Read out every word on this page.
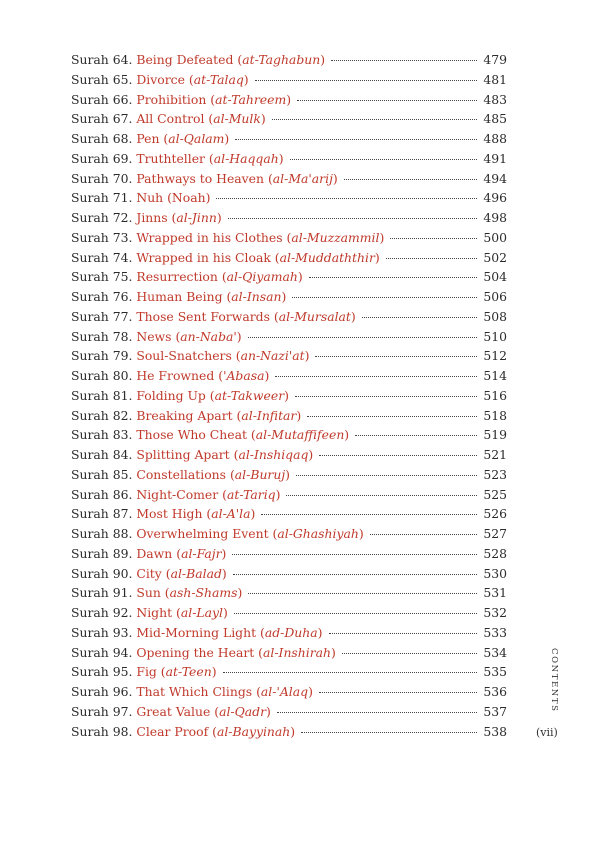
Surah 64.
Being Defeated (at-Taghabun)	479
Surah 65.
Divorce (at-Talaq)	481
Surah 66.
Prohibition (at-Tahreem)	483
Surah 67.
All Control (al-Mulk)	485
Surah 68.
Pen (al-Qalam)	488
Surah 69.
Truthteller (al-Haqqah)	491
Surah 70.
Pathways to Heaven (al-Ma'arij)	494
Surah 71.
Nuh (Noah)	496
Surah 72.
Jinns (al-Jinn)	498
Surah 73.
Wrapped in his Clothes (al-Muzzammil)	500
Surah 74.
Wrapped in his Cloak (al-Muddaththir)	502
Surah 75.
Resurrection (al-Qiyamah)	504
Surah 76.
Human Being (al-Insan)	506
Surah 77.
Those Sent Forwards (al-Mursalat)	508
Surah 78.
News (an-Naba')	510
Surah 79.
Soul-Snatchers (an-Nazi'at)	512
Surah 80.
He Frowned ('Abasa)	514
Surah 81.
Folding Up (at-Takweer)	516
Surah 82.
Breaking Apart (al-Infitar)	518
Surah 83.
Those Who Cheat (al-Mutaffifeen)	519
Surah 84.
Splitting Apart (al-Inshiqaq)	521
Surah 85.
Constellations (al-Buruj)	523
Surah 86.
Night-Comer (at-Tariq)	525
Surah 87.
Most High (al-A'la)	526
Surah 88.
Overwhelming Event (al-Ghashiyah)	527
Surah 89.
Dawn (al-Fajr)	528
Surah 90.
City (al-Balad)	530
Surah 91.
Sun (ash-Shams)	531
Surah 92.
Night (al-Layl)	532
Surah 93.
Mid-Morning Light (ad-Duha)	533
Surah 94.
Opening the Heart (al-Inshirah)	534
Surah 95.
Fig (at-Teen)	535
Surah 96.
That Which Clings (al-'Alaq)	536
Surah 97.
Great Value (al-Qadr)	537
Surah 98.
Clear Proof (al-Bayyinah)	538
CONTENTS
(vii)
